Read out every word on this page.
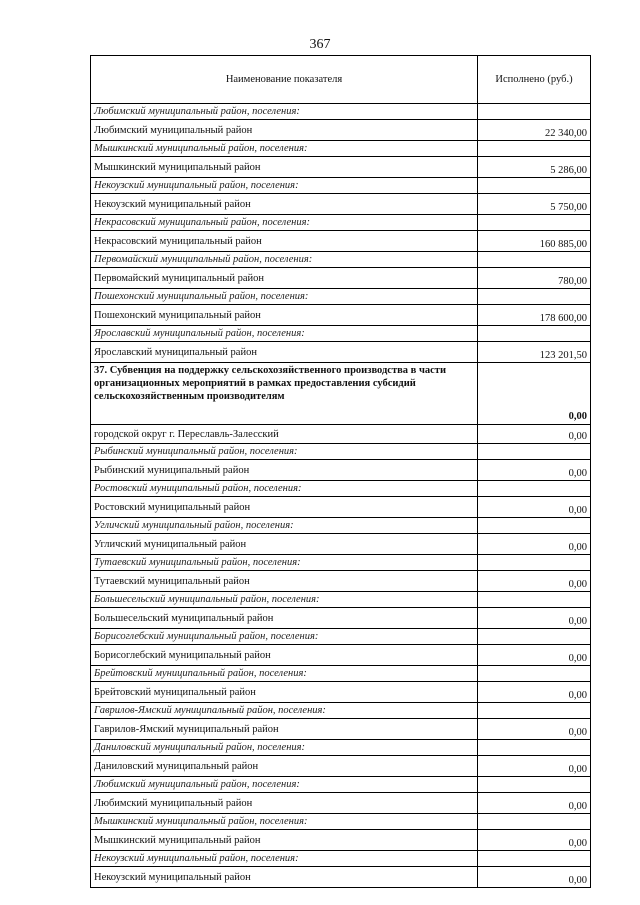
367
Наименование показателя	Исполнено (руб.)
Любимский муниципальный район, поселения:	
Любимский муниципальный район	22 340,00
Мышкинский муниципальный район, поселения:	
Мышкинский муниципальный район	5 286,00
Некоузский муниципальный район, поселения:	
Некоузский муниципальный район	5 750,00
Некрасовский муниципальный район, поселения:	
Некрасовский муниципальный район	160 885,00
Первомайский муниципальный район, поселения:	
Первомайский муниципальный район	780,00
Пошехонский муниципальный район, поселения:	
Пошехонский муниципальный район	178 600,00
Ярославский муниципальный район, поселения:	
Ярославский муниципальный район	123 201,50
37. Субвенция на поддержку сельскохозяйственного производства в части организационных мероприятий в рамках предоставления субсидий сельскохозяйственным производителям	0,00
городской округ г. Переславль-Залесский	0,00
Рыбинский муниципальный район, поселения:	
Рыбинский муниципальный район	0,00
Ростовский муниципальный район, поселения:	
Ростовский муниципальный район	0,00
Угличский муниципальный район, поселения:	
Угличский муниципальный район	0,00
Тутаевский муниципальный район, поселения:	
Тутаевский муниципальный район	0,00
Большесельский муниципальный район, поселения:	
Большесельский муниципальный район	0,00
Борисоглебский муниципальный район, поселения:	
Борисоглебский муниципальный район	0,00
Брейтовский муниципальный район, поселения:	
Брейтовский муниципальный район	0,00
Гаврилов-Ямский муниципальный район, поселения:	
Гаврилов-Ямский муниципальный район	0,00
Даниловский муниципальный район, поселения:	
Даниловский муниципальный район	0,00
Любимский муниципальный район, поселения:	
Любимский муниципальный район	0,00
Мышкинский муниципальный район, поселения:	
Мышкинский муниципальный район	0,00
Некоузский муниципальный район, поселения:	
Некоузский муниципальный район	0,00
